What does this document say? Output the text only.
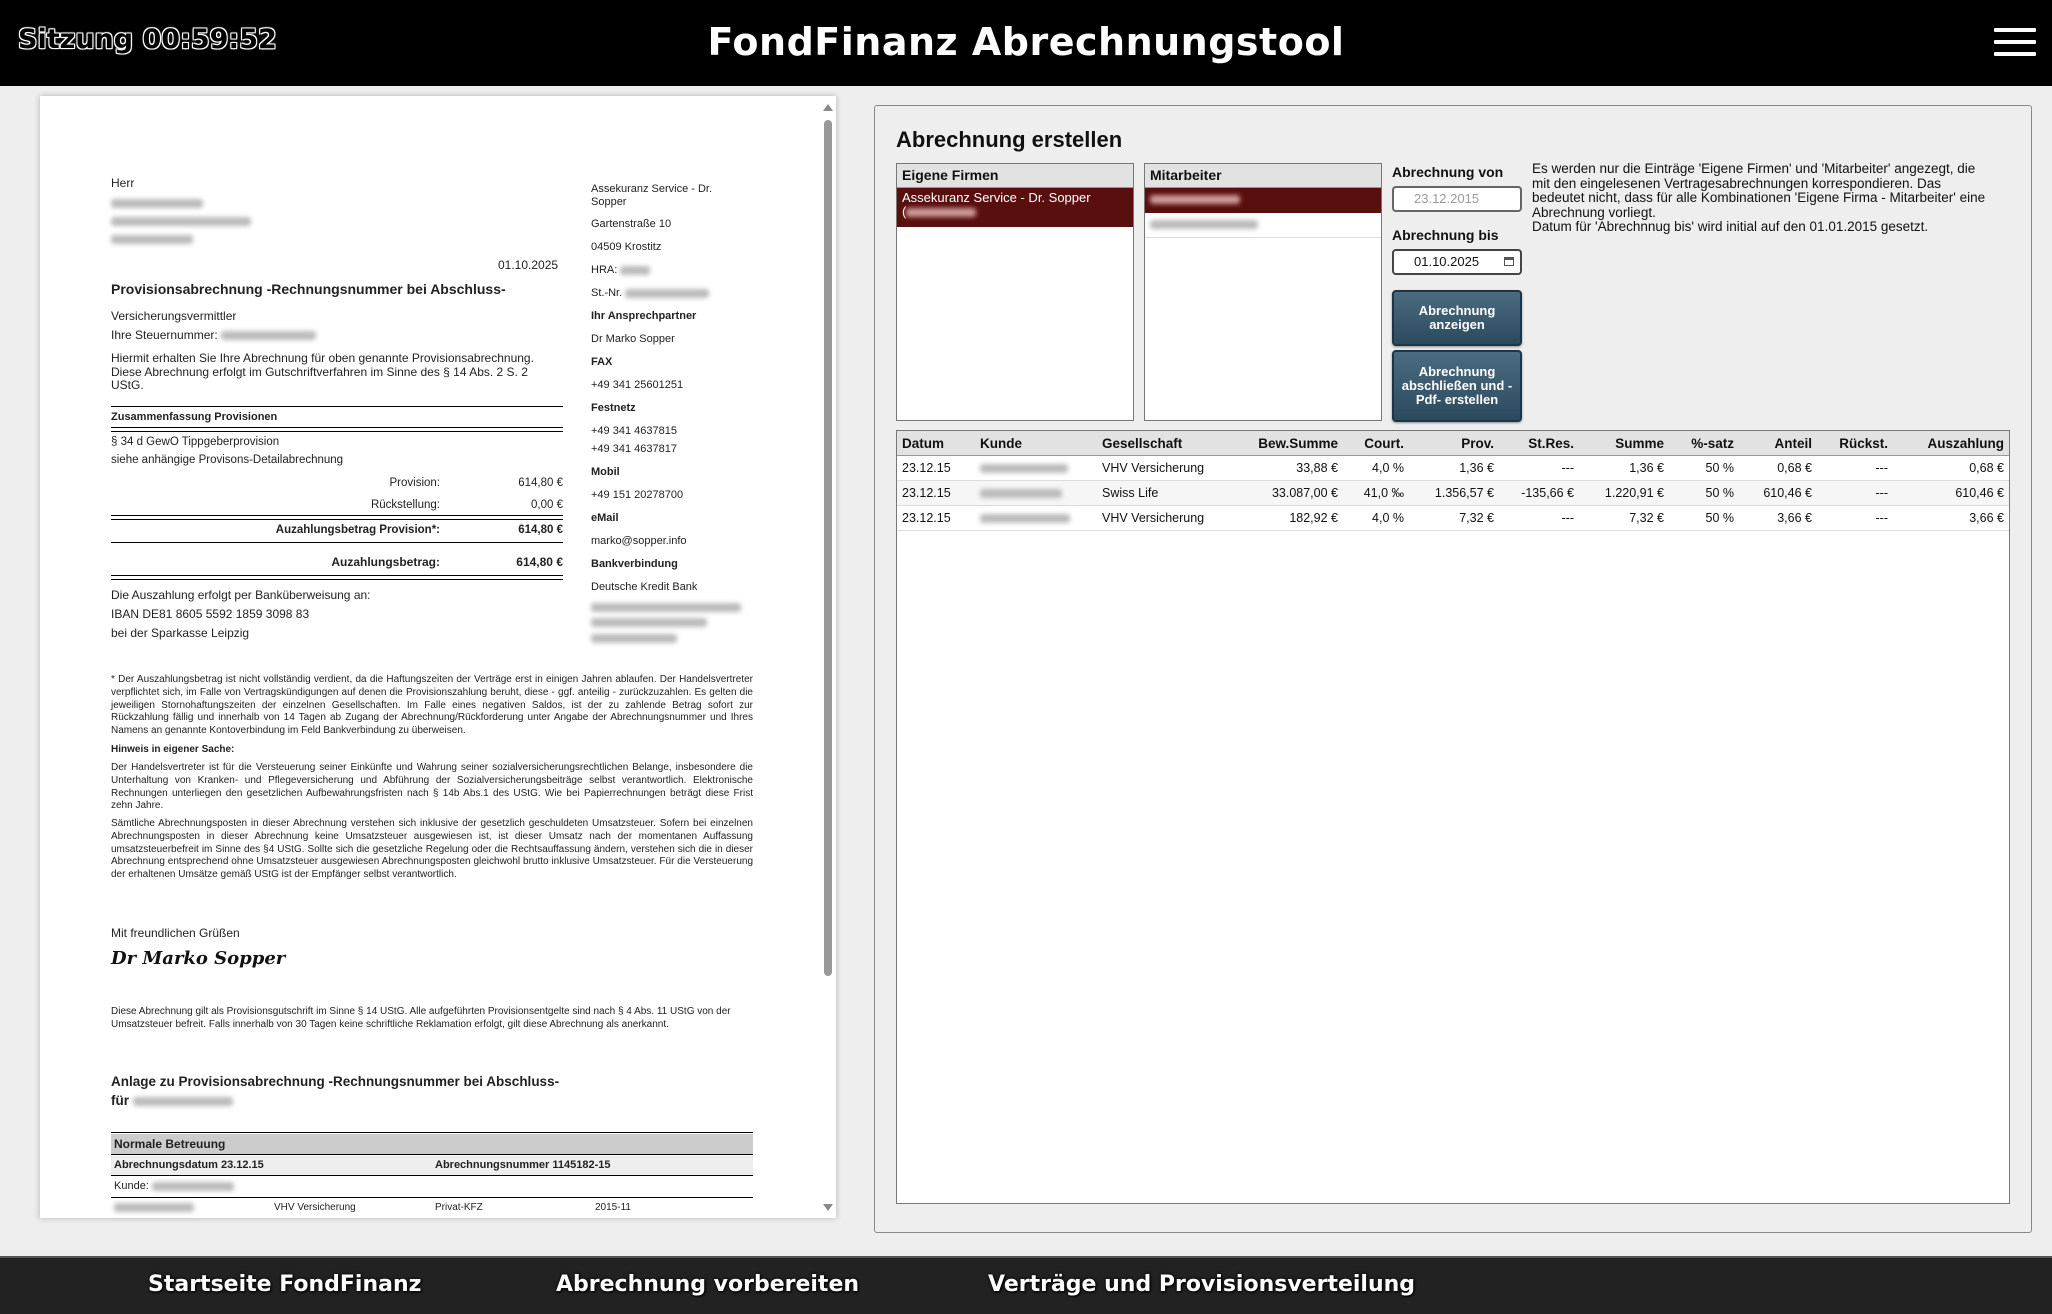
Sitzung 00:59:52	FondFinanz Abrechnungstool
Herr
01.10.2025
Provisionsabrechnung -Rechnungsnummer bei Abschluss-
Versicherungsvermittler
Ihre Steuernummer:
Hiermit erhalten Sie Ihre Abrechnung für oben genannte Provisionsabrechnung. Diese Abrechnung erfolgt im Gutschriftverfahren im Sinne des § 14 Abs. 2 S. 2 UStG.
Zusammenfassung Provisionen
§ 34 d GewO Tippgeberprovision
siehe anhängige Provisons-Detailabrechnung
Provision:	614,80 €
Rückstellung:	0,00 €
Auzahlungsbetrag Provision*:	614,80 €
Auzahlungsbetrag:	614,80 €
Die Auszahlung erfolgt per Banküberweisung an:
IBAN DE81 8605 5592 1859 3098 83
bei der Sparkasse Leipzig
Assekuranz Service - Dr. Sopper
Gartenstraße 10
04509 Krostitz
HRA:
St.-Nr.
Ihr Ansprechpartner
Dr Marko Sopper
FAX
+49 341 25601251
Festnetz
+49 341 4637815
+49 341 4637817
Mobil
+49 151 20278700
eMail
marko@sopper.info
Bankverbindung
Deutsche Kredit Bank
* Der Auszahlungsbetrag ist nicht vollständig verdient, da die Haftungszeiten der Verträge erst in einigen Jahren ablaufen. Der Handelsvertreter verpflichtet sich, im Falle von Vertragskündigungen auf denen die Provisionszahlung beruht, diese - ggf. anteilig - zurückzuzahlen. Es gelten die jeweiligen Stornohaftungszeiten der einzelnen Gesellschaften. Im Falle eines negativen Saldos, ist der zu zahlende Betrag sofort zur Rückzahlung fällig und innerhalb von 14 Tagen ab Zugang der Abrechnung/Rückforderung unter Angabe der Abrechnungsnummer und Ihres Namens an genannte Kontoverbindung im Feld Bankverbindung zu überweisen.
Hinweis in eigener Sache:
Der Handelsvertreter ist für die Versteuerung seiner Einkünfte und Wahrung seiner sozialversicherungsrechtlichen Belange, insbesondere die Unterhaltung von Kranken- und Pflegeversicherung und Abführung der Sozialversicherungsbeiträge selbst verantwortlich. Elektronische Rechnungen unterliegen den gesetzlichen Aufbewahrungsfristen nach § 14b Abs.1 des UStG. Wie bei Papierrechnungen beträgt diese Frist zehn Jahre.
Sämtliche Abrechnungsposten in dieser Abrechnung verstehen sich inklusive der gesetzlich geschuldeten Umsatzsteuer. Sofern bei einzelnen Abrechnungsposten in dieser Abrechnung keine Umsatzsteuer ausgewiesen ist, ist dieser Umsatz nach der momentanen Auffassung umsatzsteuerbefreit im Sinne des §4 UStG. Sollte sich die gesetzliche Regelung oder die Rechtsauffassung ändern, verstehen sich die in dieser Abrechnung entsprechend ohne Umsatzsteuer ausgewiesen Abrechnungsposten gleichwohl brutto inklusive Umsatzsteuer. Für die Versteuerung der erhaltenen Umsätze gemäß UStG ist der Empfänger selbst verantwortlich.
Mit freundlichen Grüßen
Dr Marko Sopper
Diese Abrechnung gilt als Provisionsgutschrift im Sinne § 14 UStG. Alle aufgeführten Provisionsentgelte sind nach § 4 Abs. 11 UStG von der Umsatzsteuer befreit. Falls innerhalb von 30 Tagen keine schriftliche Reklamation erfolgt, gilt diese Abrechnung als anerkannt.
Anlage zu Provisionsabrechnung -Rechnungsnummer bei Abschluss-
für
Normale Betreuung
Abrechnungsdatum 23.12.15	Abrechnungsnummer 1145182-15
Kunde:
VHV Versicherung	Privat-KFZ	2015-11
Abrechnung erstellen
Eigene Firmen
Assekuranz Service - Dr. Sopper
(
Mitarbeiter	Abrechnung von
23.12.2015
Abrechnung bis
01.10.2025
Abrechnung anzeigen
Abrechnung abschließen und -Pdf- erstellen
Es werden nur die Einträge 'Eigene Firmen' und 'Mitarbeiter' angezegt, die mit den eingelesenen Vertragesabrechnungen korrespondieren. Das bedeutet nicht, dass für alle Kombinationen 'Eigene Firma - Mitarbeiter' eine Abrechnung vorliegt.
Datum für 'Abrechnnug bis' wird initial auf den 01.01.2015 gesetzt.
Datum	Kunde	Gesellschaft	Bew.Summe	Court.	Prov.	St.Res.	Summe	%-satz	Anteil	Rückst.	Auszahlung
23.12.15		VHV Versicherung	33,88 €	4,0 %	1,36 €	---	1,36 €	50 %	0,68 €	---	0,68 €
23.12.15		Swiss Life	33.087,00 €	41,0 ‰	1.356,57 €	-135,66 €	1.220,91 €	50 %	610,46 €	---	610,46 €
23.12.15		VHV Versicherung	182,92 €	4,0 %	7,32 €	---	7,32 €	50 %	3,66 €	---	3,66 €
Startseite FondFinanz	Abrechnung vorbereiten	Verträge und Provisionsverteilung
